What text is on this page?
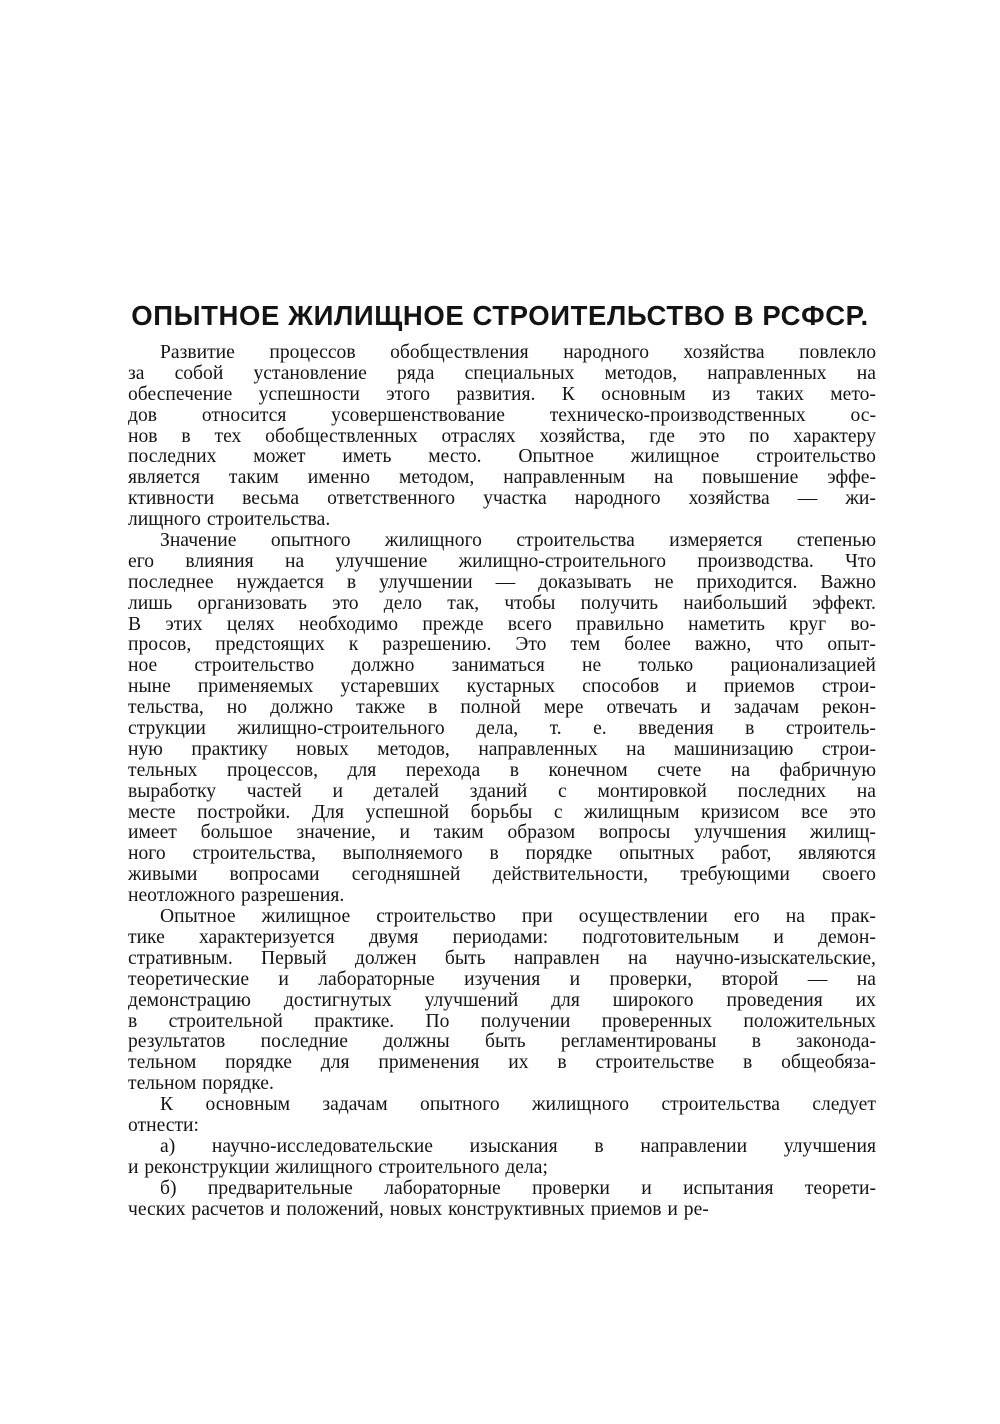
ОПЫТНОЕ ЖИЛИЩНОЕ СТРОИТЕЛЬСТВО В РСФСР.
Развитие процессов обобществления народного хозяйства повлекло
за собой установление ряда специальных методов, направленных на
обеспечение успешности этого развития. К основным из таких мето-
дов относится усовершенствование техническо-производственных ос-
нов в тех обобществленных отраслях хозяйства, где это по характеру
последних может иметь место. Опытное жилищное строительство
является таким именно методом, направленным на повышение эффе-
ктивности весьма ответственного участка народного хозяйства — жи-
лищного строительства.
Значение опытного жилищного строительства измеряется степенью
его влияния на улучшение жилищно-строительного производства. Что
последнее нуждается в улучшении — доказывать не приходится. Важно
лишь организовать это дело так, чтобы получить наибольший эффект.
В этих целях необходимо прежде всего правильно наметить круг во-
просов, предстоящих к разрешению. Это тем более важно, что опыт-
ное строительство должно заниматься не только рационализацией
ныне применяемых устаревших кустарных способов и приемов строи-
тельства, но должно также в полной мере отвечать и задачам рекон-
струкции жилищно-строительного дела, т. е. введения в строитель-
ную практику новых методов, направленных на машинизацию строи-
тельных процессов, для перехода в конечном счете на фабричную
выработку частей и деталей зданий с монтировкой последних на
месте постройки. Для успешной борьбы с жилищным кризисом все это
имеет большое значение, и таким образом вопросы улучшения жилищ-
ного строительства, выполняемого в порядке опытных работ, являются
живыми вопросами сегодняшней действительности, требующими своего
неотложного разрешения.
Опытное жилищное строительство при осуществлении его на прак-
тике характеризуется двумя периодами: подготовительным и демон-
стративным. Первый должен быть направлен на научно-изыскательские,
теоретические и лабораторные изучения и проверки, второй — на
демонстрацию достигнутых улучшений для широкого проведения их
в строительной практике. По получении проверенных положительных
результатов последние должны быть регламентированы в законода-
тельном порядке для применения их в строительстве в общеобяза-
тельном порядке.
К основным задачам опытного жилищного строительства следует
отнести:
а) научно-исследовательские изыскания в направлении улучшения
и реконструкции жилищного строительного дела;
б) предварительные лабораторные проверки и испытания теорети-
ческих расчетов и положений, новых конструктивных приемов и ре-
